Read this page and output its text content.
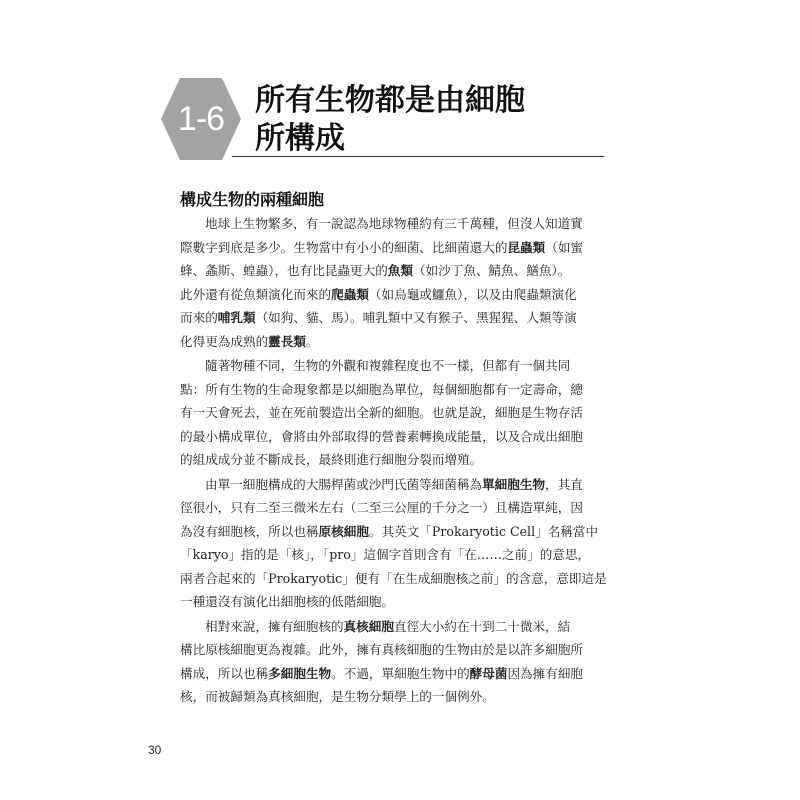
1-6	所有生物都是由細胞
所構成
構成生物的兩種細胞
地球上生物繁多，有一說認為地球物種約有三千萬種，但沒人知道實
際數字到底是多少。生物當中有小小的細菌、比細菌還大的昆蟲類（如蜜
蜂、螽斯、蝗蟲），也有比昆蟲更大的魚類（如沙丁魚、鯖魚、鱔魚）。
此外還有從魚類演化而來的爬蟲類（如烏龜或鱷魚），以及由爬蟲類演化
而來的哺乳類（如狗、貓、馬）。哺乳類中又有猴子、黑猩猩、人類等演
化得更為成熟的靈長類。
隨著物種不同，生物的外觀和複雜程度也不一樣，但都有一個共同
點：所有生物的生命現象都是以細胞為單位，每個細胞都有一定壽命，總
有一天會死去，並在死前製造出全新的細胞。也就是說，細胞是生物存活
的最小構成單位，會將由外部取得的營養素轉換成能量，以及合成出細胞
的組成成分並不斷成長，最終則進行細胞分裂而增殖。
由單一細胞構成的大腸桿菌或沙門氏菌等細菌稱為單細胞生物，其直
徑很小，只有二至三微米左右（二至三公厘的千分之一）且構造單純，因
為沒有細胞核，所以也稱原核細胞。其英文「Prokaryotic Cell」名稱當中
「karyo」指的是「核」，「pro」這個字首則含有「在……之前」的意思，
兩者合起來的「Prokaryotic」便有「在生成細胞核之前」的含意，意即這是
一種還沒有演化出細胞核的低階細胞。
相對來說，擁有細胞核的真核細胞直徑大小約在十到二十微米，結
構比原核細胞更為複雜。此外，擁有真核細胞的生物由於是以許多細胞所
構成，所以也稱多細胞生物。不過，單細胞生物中的酵母菌因為擁有細胞
核，而被歸類為真核細胞，是生物分類學上的一個例外。
30
